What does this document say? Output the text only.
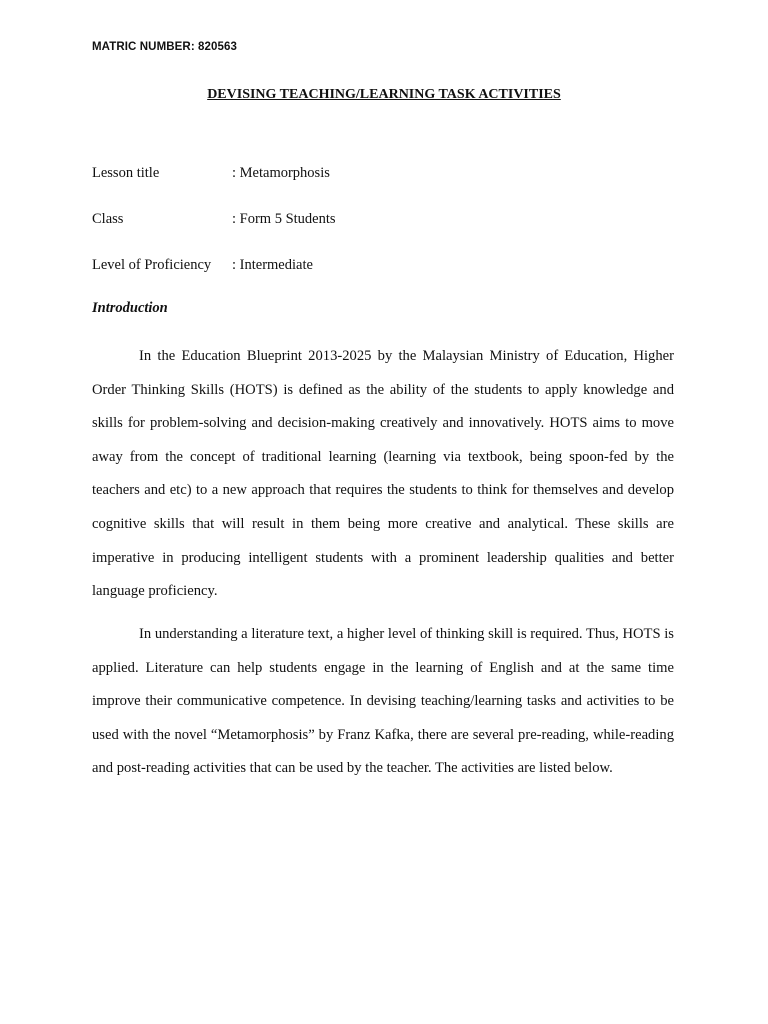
MATRIC NUMBER: 820563
DEVISING TEACHING/LEARNING TASK ACTIVITIES
Lesson title	: Metamorphosis
Class	: Form 5 Students
Level of Proficiency : Intermediate
Introduction

In the Education Blueprint 2013-2025 by the Malaysian Ministry of Education, Higher Order Thinking Skills (HOTS) is defined as the ability of the students to apply knowledge and skills for problem-solving and decision-making creatively and innovatively. HOTS aims to move away from the concept of traditional learning (learning via textbook, being spoon-fed by the teachers and etc) to a new approach that requires the students to think for themselves and develop cognitive skills that will result in them being more creative and analytical. These skills are imperative in producing intelligent students with a prominent leadership qualities and better language proficiency.

In understanding a literature text, a higher level of thinking skill is required. Thus, HOTS is applied. Literature can help students engage in the learning of English and at the same time improve their communicative competence. In devising teaching/learning tasks and activities to be used with the novel “Metamorphosis” by Franz Kafka, there are several pre-reading, while-reading and post-reading activities that can be used by the teacher. The activities are listed below.
